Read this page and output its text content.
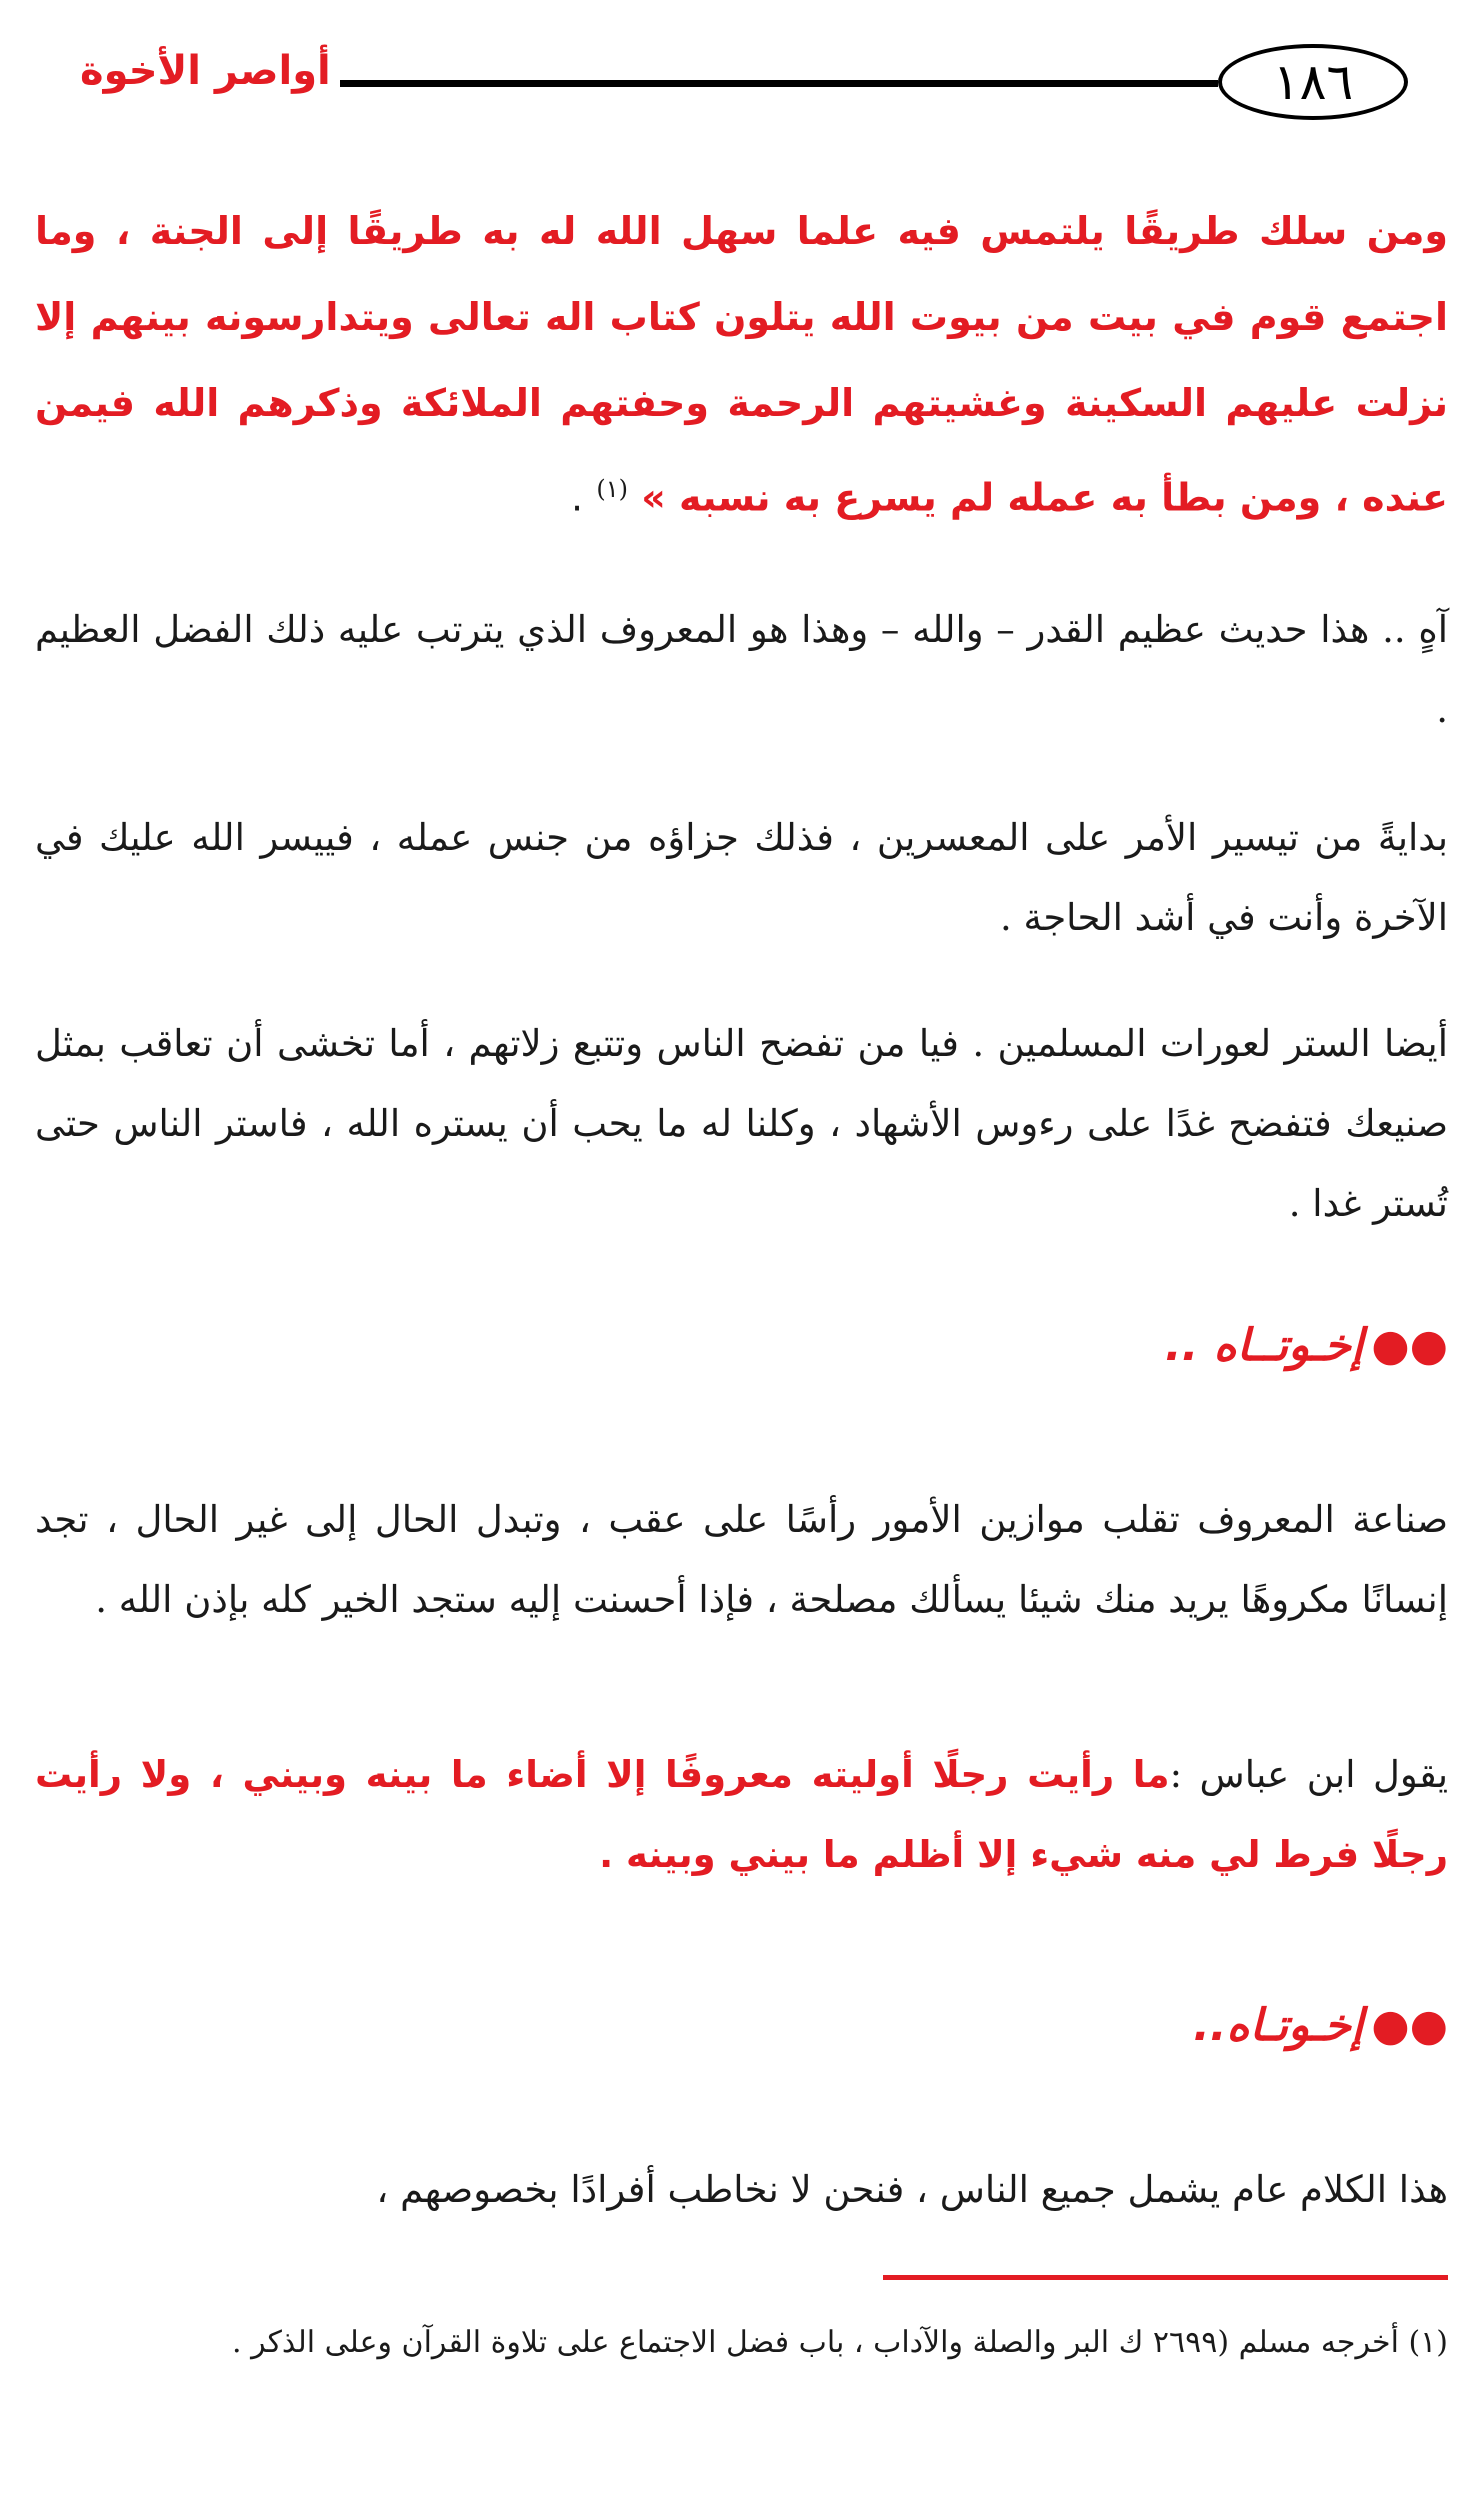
أواصر الأخوة	١٨٦
ومن سلك طريقًا يلتمس فيه علما سهل الله له به طريقًا إلى الجنة ، وما اجتمع قوم في بيت من بيوت الله يتلون كتاب اله تعالى ويتدارسونه بينهم إلا نزلت عليهم السكينة وغشيتهم الرحمة وحفتهم الملائكة وذكرهم الله فيمن عنده ، ومن بطأ به عمله لم يسرع به نسبه » $^{(١)}$ .
آهٍ .. هذا حديث عظيم القدر – والله – وهذا هو المعروف الذي يترتب عليه ذلك الفضل العظيم .
بدايةً من تيسير الأمر على المعسرين ، فذلك جزاؤه من جنس عمله ، فييسر الله عليك في الآخرة وأنت في أشد الحاجة .
أيضا الستر لعورات المسلمين . فيا من تفضح الناس وتتبع زلاتهم ، أما تخشى أن تعاقب بمثل صنيعك فتفضح غدًا على رءوس الأشهاد ، وكلنا له ما يحب أن يستره الله ، فاستر الناس حتى تُستر غدا .
●●إخـوتــاه ..
صناعة المعروف تقلب موازين الأمور رأسًا على عقب ، وتبدل الحال إلى غير الحال ، تجد إنسانًا مكروهًا يريد منك شيئا يسألك مصلحة ، فإذا أحسنت إليه ستجد الخير كله بإذن الله .
يقول ابن عباس :ما رأيت رجلًا أوليته معروفًا إلا أضاء ما بينه وبيني ، ولا رأيت رجلًا فرط لي منه شيء إلا أظلم ما بيني وبينه .
●●إخـوتـاه..
هذا الكلام عام يشمل جميع الناس ، فنحن لا نخاطب أفرادًا بخصوصهم ،
(١) أخرجه مسلم (٢٦٩٩ ك البر والصلة والآداب ، باب فضل الاجتماع على تلاوة القرآن وعلى الذكر .
